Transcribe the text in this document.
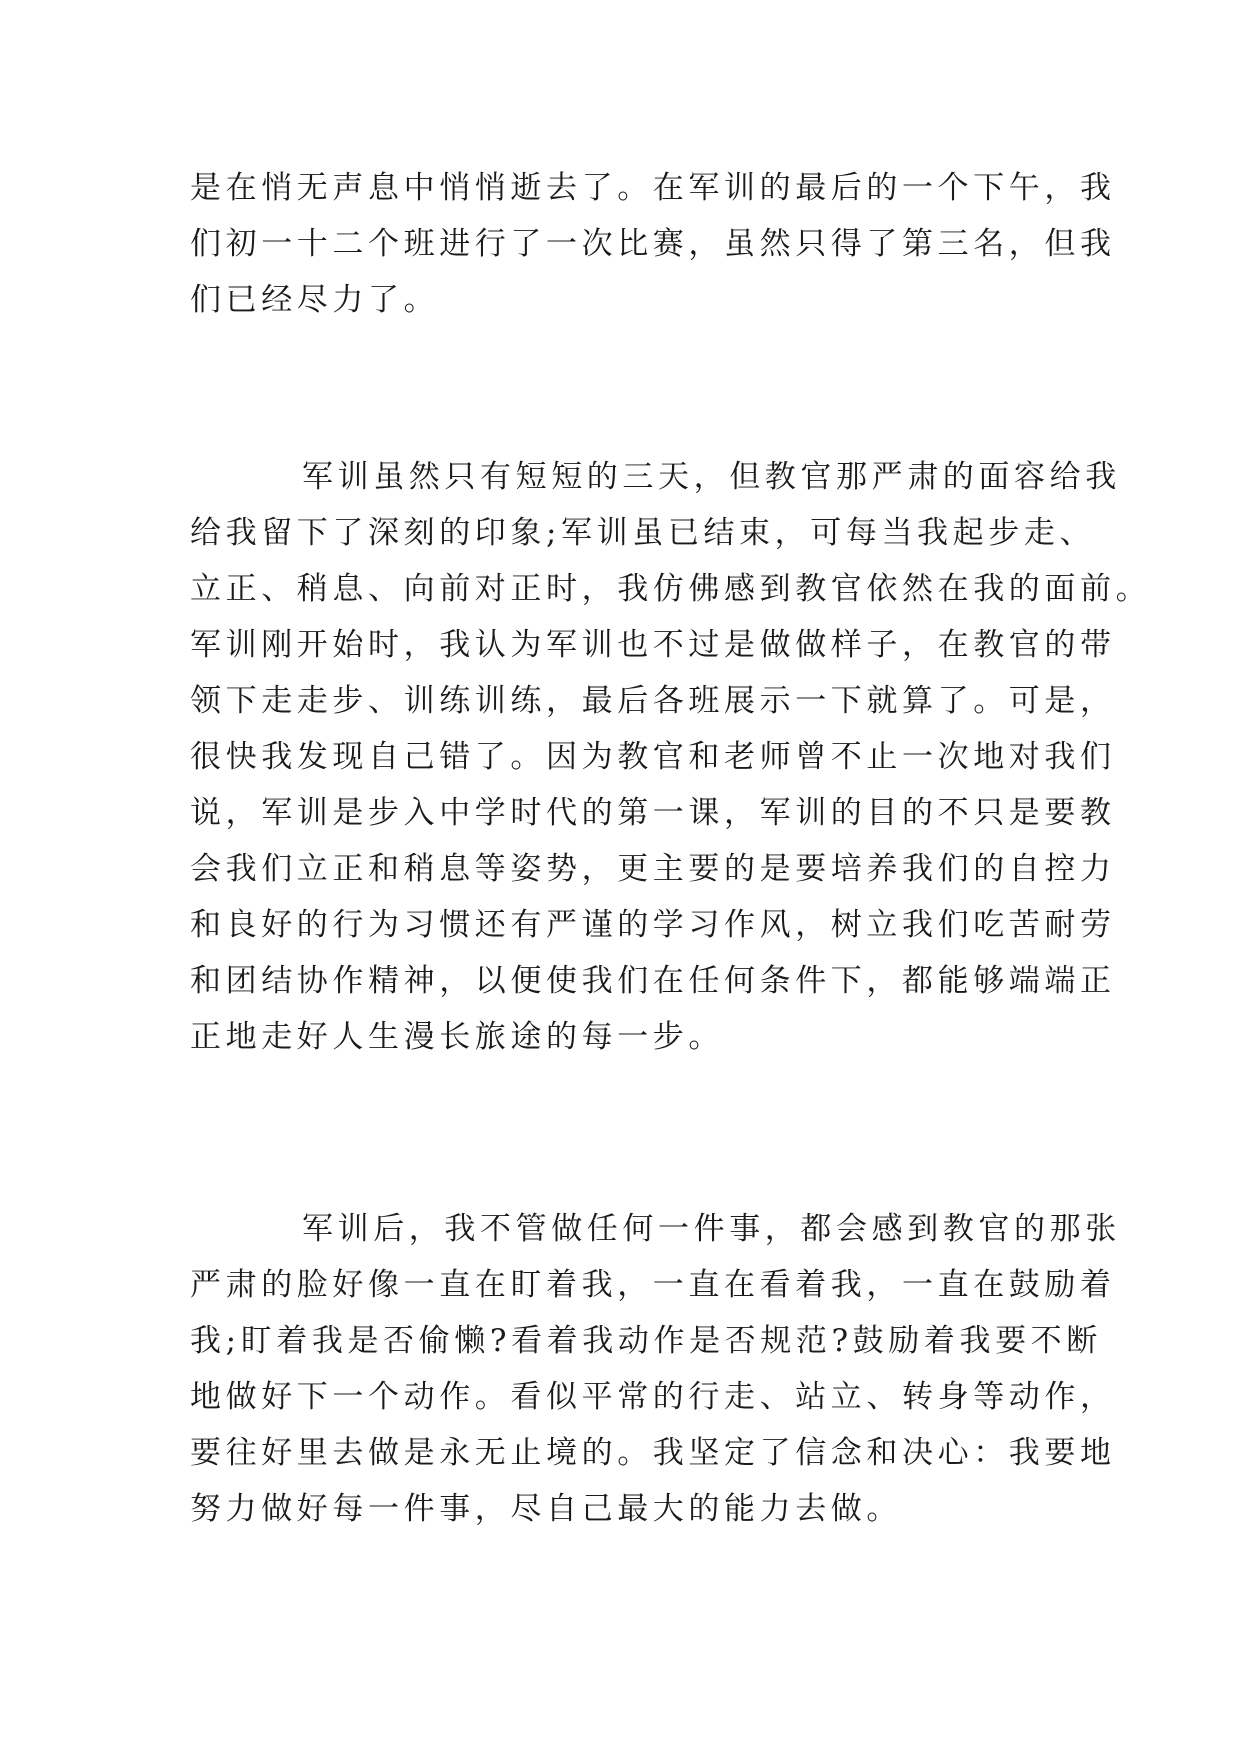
是在悄无声息中悄悄逝去了。在军训的最后的一个下午，我
们初一十二个班进行了一次比赛，虽然只得了第三名，但我
们已经尽力了。
军训虽然只有短短的三天，但教官那严肃的面容给我
给我留下了深刻的印象;军训虽已结束，可每当我起步走、
立正、稍息、向前对正时，我仿佛感到教官依然在我的面前。
军训刚开始时，我认为军训也不过是做做样子，在教官的带
领下走走步、训练训练，最后各班展示一下就算了。可是，
很快我发现自己错了。因为教官和老师曾不止一次地对我们
说，军训是步入中学时代的第一课，军训的目的不只是要教
会我们立正和稍息等姿势，更主要的是要培养我们的自控力
和良好的行为习惯还有严谨的学习作风，树立我们吃苦耐劳
和团结协作精神，以便使我们在任何条件下，都能够端端正
正地走好人生漫长旅途的每一步。
军训后，我不管做任何一件事，都会感到教官的那张
严肃的脸好像一直在盯着我，一直在看着我，一直在鼓励着
我;盯着我是否偷懒?看着我动作是否规范?鼓励着我要不断
地做好下一个动作。看似平常的行走、站立、转身等动作，
要往好里去做是永无止境的。我坚定了信念和决心：我要地
努力做好每一件事，尽自己最大的能力去做。
